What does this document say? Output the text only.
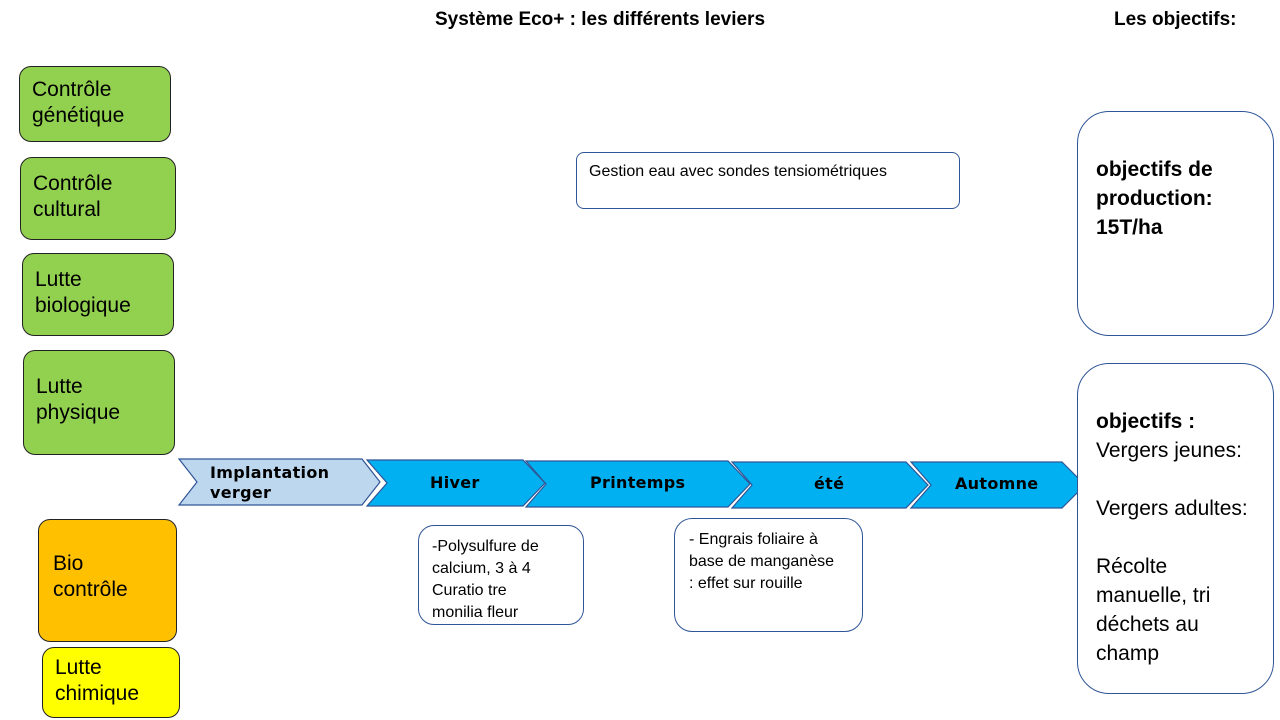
Système Eco+ : les différents leviers	Les objectifs:
Contrôle
génétique
Contrôle
cultural
Lutte
biologique
Lutte
physique
Bio
contrôle
Lutte
chimique
Implantation
verger
Hiver	Printemps	été	Automne
Gestion eau avec sondes tensiométriques
-Polysulfure de
calcium, 3 à 4
Curatio tre
monilia fleur
- Engrais foliaire à
base de manganèse
: effet sur rouille

objectifs de
production:
15T/ha

objectifs :
Vergers jeunes:

Vergers adultes:

Récolte
manuelle, tri
déchets au
champ
